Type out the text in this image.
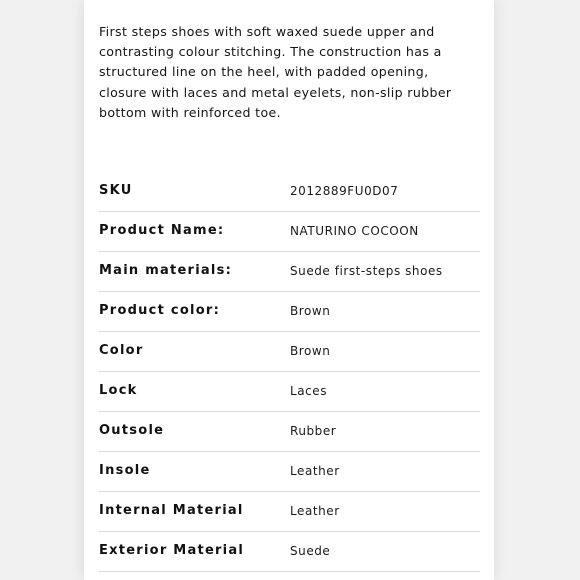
First steps shoes with soft waxed suede upper and contrasting colour stitching. The construction has a structured line on the heel, with padded opening, closure with laces and metal eyelets, non-slip rubber bottom with reinforced toe.

SKU	2012889FU0D07
Product Name:	NATURINO COCOON
Main materials:	Suede first-steps shoes
Product color:	Brown
Color	Brown
Lock	Laces
Outsole	Rubber
Insole	Leather
Internal Material	Leather
Exterior Material	Suede
